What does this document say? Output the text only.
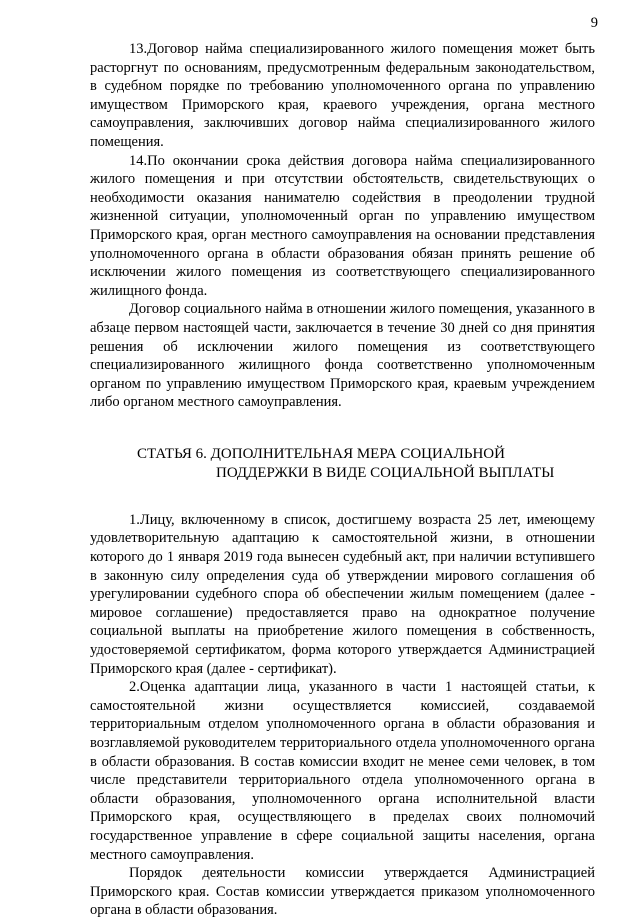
9

13.Договор найма специализированного жилого помещения может быть расторгнут по основаниям, предусмотренным федеральным законодательством, в судебном порядке по требованию уполномоченного органа по управлению имуществом Приморского края, краевого учреждения, органа местного самоуправления, заключивших договор найма специализированного жилого помещения.

14.По окончании срока действия договора найма специализированного жилого помещения и при отсутствии обстоятельств, свидетельствующих о необходимости оказания нанимателю содействия в преодолении трудной жизненной ситуации, уполномоченный орган по управлению имуществом Приморского края, орган местного самоуправления на основании представления уполномоченного органа в области образования обязан принять решение об исключении жилого помещения из соответствующего специализированного жилищного фонда.

Договор социального найма в отношении жилого помещения, указанного в абзаце первом настоящей части, заключается в течение 30 дней со дня принятия решения об исключении жилого помещения из соответствующего специализированного жилищного фонда соответственно уполномоченным органом по управлению имуществом Приморского края, краевым учреждением либо органом местного самоуправления.

СТАТЬЯ 6. ДОПОЛНИТЕЛЬНАЯ МЕРА СОЦИАЛЬНОЙ
ПОДДЕРЖКИ В ВИДЕ СОЦИАЛЬНОЙ ВЫПЛАТЫ

1.Лицу, включенному в список, достигшему возраста 25 лет, имеющему удовлетворительную адаптацию к самостоятельной жизни, в отношении которого до 1 января 2019 года вынесен судебный акт, при наличии вступившего в законную силу определения суда об утверждении мирового соглашения об урегулировании судебного спора об обеспечении жилым помещением (далее - мировое соглашение) предоставляется право на однократное получение социальной выплаты на приобретение жилого помещения в собственность, удостоверяемой сертификатом, форма которого утверждается Администрацией Приморского края (далее - сертификат).

2.Оценка адаптации лица, указанного в части 1 настоящей статьи, к самостоятельной жизни осуществляется комиссией, создаваемой территориальным отделом уполномоченного органа в области образования и возглавляемой руководителем территориального отдела уполномоченного органа в области образования. В состав комиссии входит не менее семи человек, в том числе представители территориального отдела уполномоченного органа в области образования, уполномоченного органа исполнительной власти Приморского края, осуществляющего в пределах своих полномочий государственное управление в сфере социальной защиты населения, органа местного самоуправления.

Порядок деятельности комиссии утверждается Администрацией Приморского края. Состав комиссии утверждается приказом уполномоченного органа в области образования.
